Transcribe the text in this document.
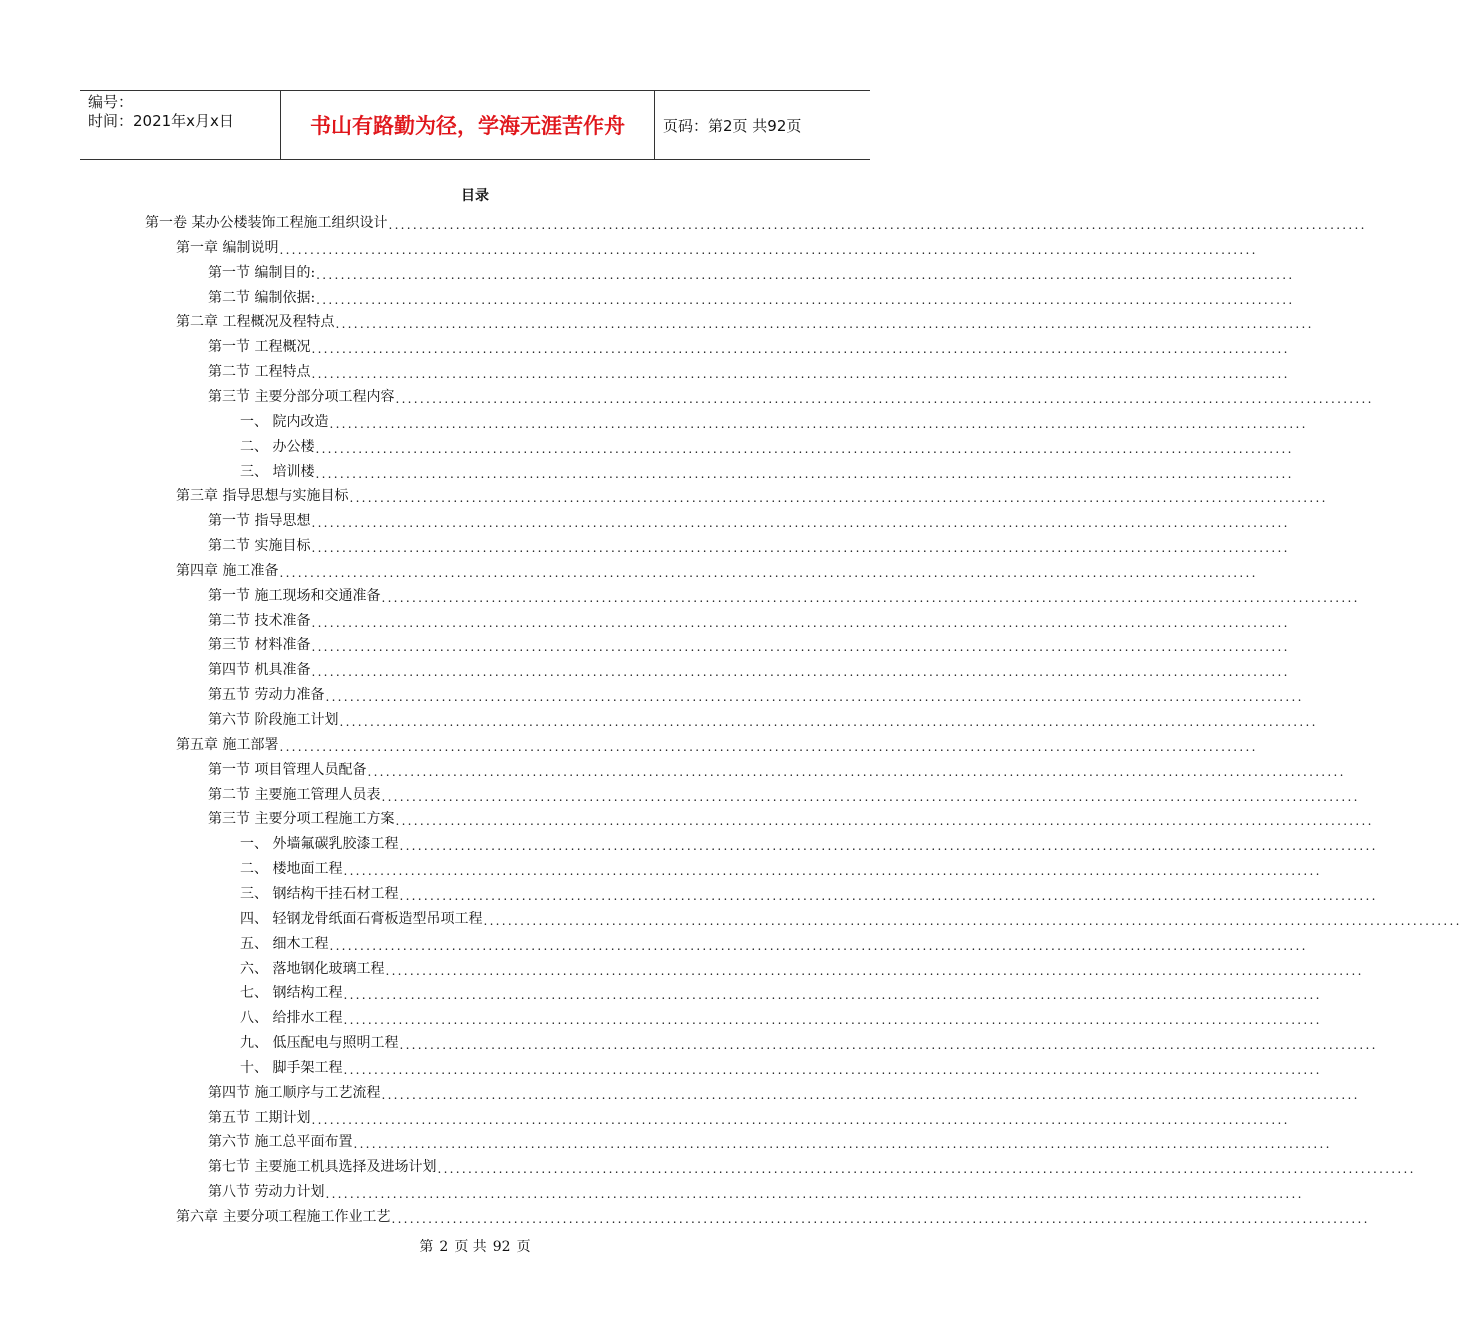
编号：
时间：2021年x月x日	书山有路勤为径，学海无涯苦作舟	页码：第2页 共92页
目录
第一卷 某办公楼装饰工程施工组织设计 ................................................................................................................................................................
第一章 编制说明 ................................................................................................................................................................
第一节 编制目的: ................................................................................................................................................................
第二节 编制依据: ................................................................................................................................................................
第二章 工程概况及程特点 ................................................................................................................................................................
第一节 工程概况 ................................................................................................................................................................
第二节 工程特点 ................................................................................................................................................................
第三节 主要分部分项工程内容 ................................................................................................................................................................
一、 院内改造 ................................................................................................................................................................
二、 办公楼 ................................................................................................................................................................
三、 培训楼 ................................................................................................................................................................
第三章 指导思想与实施目标 ................................................................................................................................................................
第一节 指导思想 ................................................................................................................................................................
第二节 实施目标 ................................................................................................................................................................
第四章 施工准备 ................................................................................................................................................................
第一节 施工现场和交通准备 ................................................................................................................................................................
第二节 技术准备 ................................................................................................................................................................
第三节 材料准备 ................................................................................................................................................................
第四节 机具准备 ................................................................................................................................................................
第五节 劳动力准备 ................................................................................................................................................................
第六节 阶段施工计划 ................................................................................................................................................................
第五章 施工部署 ................................................................................................................................................................
第一节 项目管理人员配备 ................................................................................................................................................................
第二节 主要施工管理人员表 ................................................................................................................................................................
第三节 主要分项工程施工方案 ................................................................................................................................................................
一、 外墙氟碳乳胶漆工程 ................................................................................................................................................................
二、 楼地面工程 ................................................................................................................................................................
三、 钢结构干挂石材工程 ................................................................................................................................................................
四、 轻钢龙骨纸面石膏板造型吊项工程 ................................................................................................................................................................
五、 细木工程 ................................................................................................................................................................
六、 落地钢化玻璃工程 ................................................................................................................................................................
七、 钢结构工程 ................................................................................................................................................................
八、 给排水工程 ................................................................................................................................................................
九、 低压配电与照明工程 ................................................................................................................................................................
十、 脚手架工程 ................................................................................................................................................................
第四节 施工顺序与工艺流程 ................................................................................................................................................................
第五节 工期计划 ................................................................................................................................................................
第六节 施工总平面布置 ................................................................................................................................................................
第七节 主要施工机具选择及进场计划 ................................................................................................................................................................
第八节 劳动力计划 ................................................................................................................................................................
第六章 主要分项工程施工作业工艺 ................................................................................................................................................................
第 2 页 共 92 页
